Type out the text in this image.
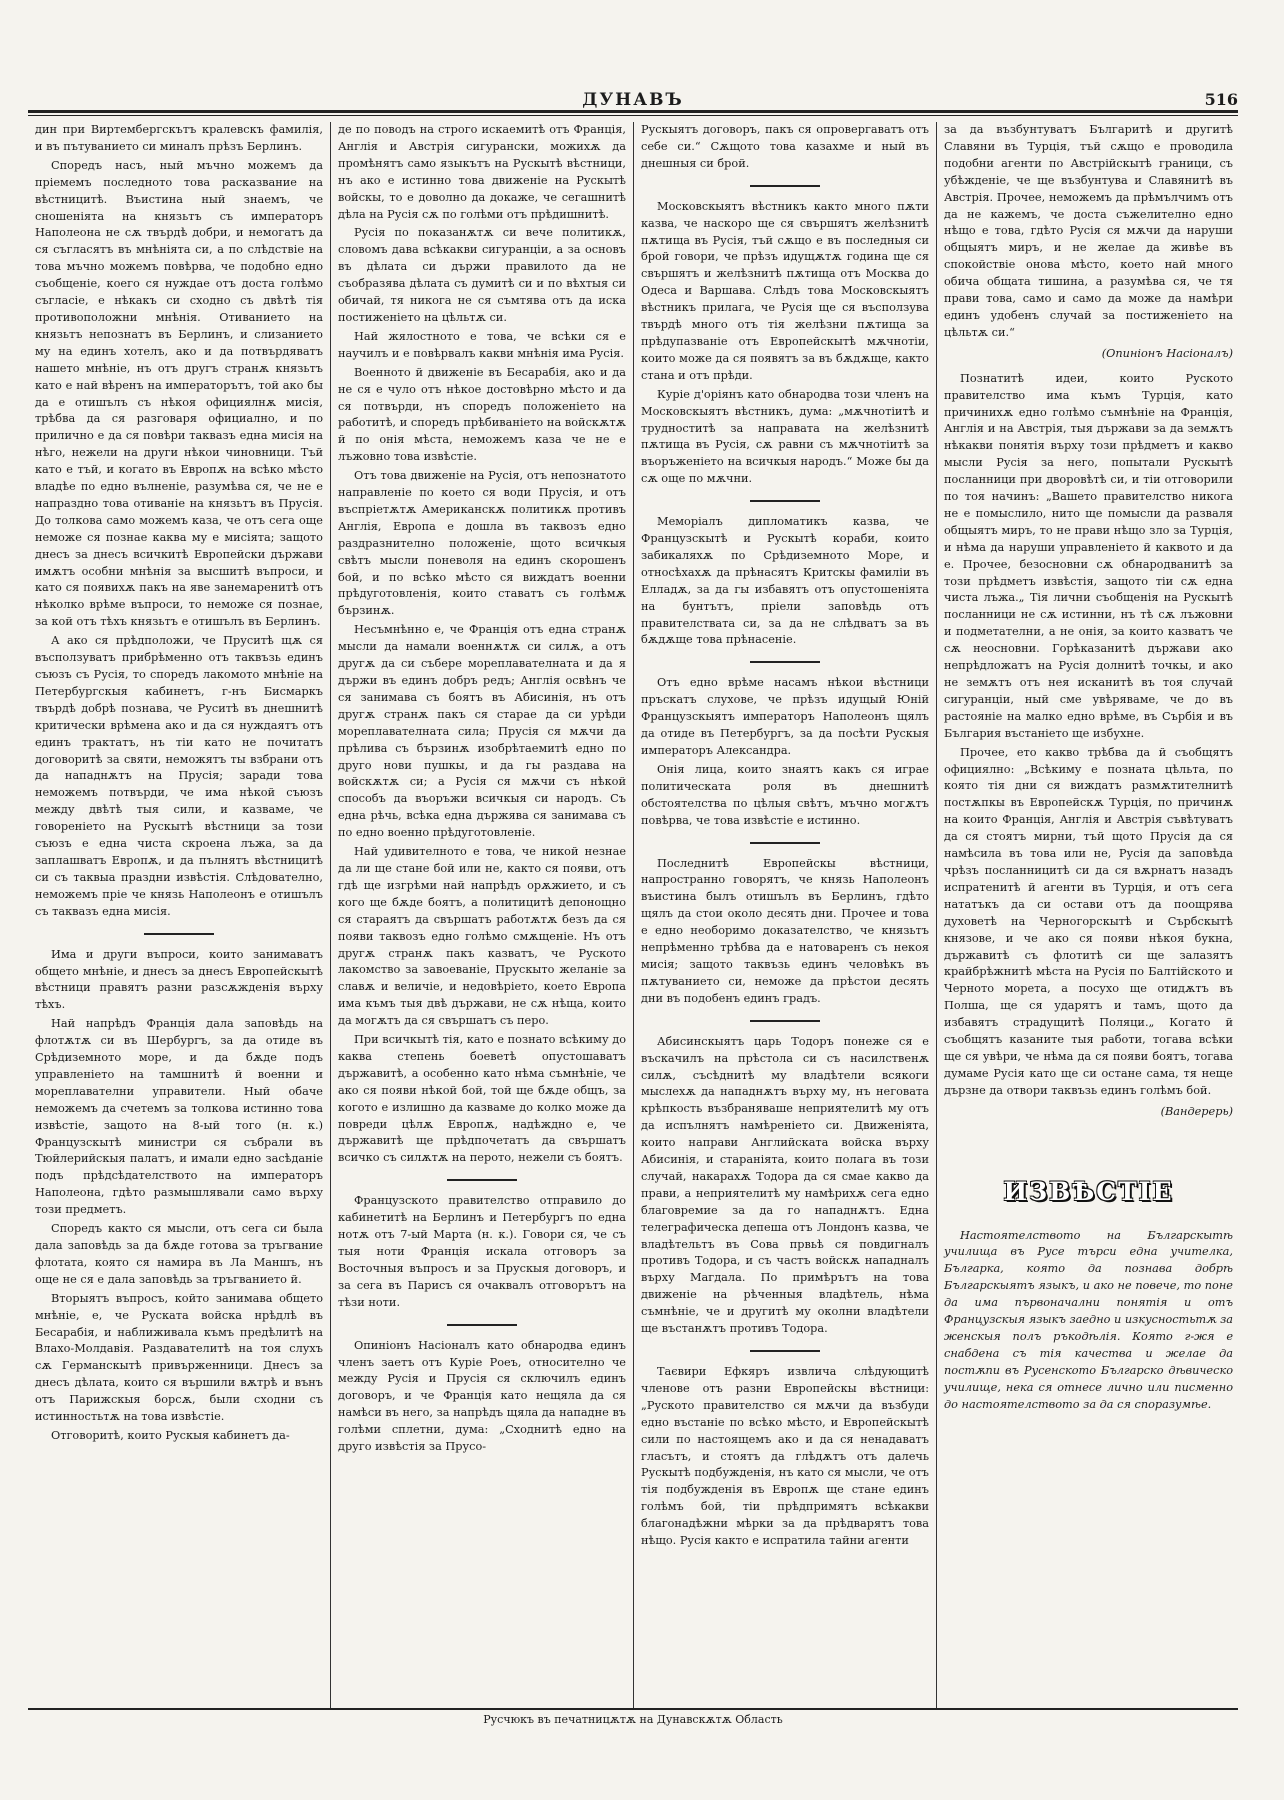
ДУНАВЪ	516

дин при Виртембергскътъ кралевскъ фамилія, и въ пътуванието си миналъ прѣзъ Берлинъ.

Споредъ насъ, ный мъчно можемъ да пріемемъ последното това расказвание на вѣстницитѣ. Въистина ный знаемъ, че сношеніята на князьтъ съ императоръ Наполеона не сѫ твърдѣ добри, и немогатъ да ся съгласятъ въ мнѣніята си, а по слѣдствіе на това мъчно можемъ повѣрва, че подобно едно съобщеніе, коего ся нуждае отъ доста голѣмо съгласіе, е нѣкакъ си сходно съ двѣтѣ тія противоположни мнѣнія. Отиванието на князьтъ непознатъ въ Берлинъ, и слизанието му на единъ хотелъ, ако и да потвърдяватъ нашето мнѣніе, нъ отъ другъ странѫ князьтъ като е най вѣренъ на императорътъ, той ако бы да е отишълъ съ нѣкоя официялнѫ мисія, трѣбва да ся разговаря официално, и по прилично е да ся повѣри таквазъ една мисія на нѣго, нежели на други нѣкои чиновници. Тъй като е тъй, и когато въ Европѫ на всѣко мѣсто владѣе по едно вълненіе, разумѣва ся, че не е напраздно това отиваніе на князьтъ въ Прусія. До толкова само можемъ каза, че отъ сега още неможе ся познае каква му е мисіята; защото днесъ за днесъ всичкитѣ Европейски държави имѫтъ особни мнѣнія за высшитѣ въпроси, и като ся появихѫ пакъ на яве занемаренитѣ отъ нѣколко врѣме въпроси, то неможе ся познае, за кой отъ тѣхъ князьтъ е отишълъ въ Берлинъ.

А ако ся прѣдположи, че Пруситѣ щѫ ся въсползуватъ прибрѣменно отъ таквъзь единъ съюзъ съ Русія, то споредъ лакомото мнѣніе на Петербургскыя кабинетъ, г-нъ Бисмаркъ твърдѣ добрѣ познава, че Руситѣ въ днешнитѣ критически врѣмена ако и да ся нуждаятъ отъ единъ трактатъ, нъ тіи като не почитатъ договоритѣ за святи, неможятъ ты взбрани отъ да нападнѫтъ на Прусія; заради това неможемъ потвърди, че има нѣкой съюзъ между двѣтѣ тыя сили, и казваме, че говореніето на Рускытѣ вѣстници за този съюзъ е една чиста скроена лъжа, за да заплашватъ Европѫ, и да пълнятъ вѣстницитѣ си съ таквыа праздни извѣстія. Слѣдователно, неможемъ прiе че князь Наполеонъ е отишълъ съ таквазъ една мисія.

Има и други въпроси, които занимаватъ общето мнѣніе, и днесъ за днесъ Европейскытѣ вѣстници правятъ разни разсѫжденія върху тѣхъ.

Най напрѣдъ Франція дала заповѣдь на флотѫтѫ си въ Шербургъ, за да отиде въ Срѣдиземното море, и да бѫде подъ управленіето на тамшнитѣ й военни и мореплавателни управители. Ный обаче неможемъ да счетемъ за толкова истинно това извѣстіе, защото на 8-ый того (н. к.) Французскытѣ министри ся събрали въ Тюйлерийскыя палатъ, и имали едно засѣданіе подъ прѣдсѣдателството на императоръ Наполеона, гдѣто размышлявали само върху този предметъ.

Споредъ както ся мысли, отъ сега си была дала заповѣдь за да бѫде готова за тръгвание флотата, която ся намира въ Ла Маншъ, нъ още не ся е дала заповѣдь за тръгванието й.

Вторыятъ въпросъ, който занимава общето мнѣніе, е, че Руската войска нрѣдлѣ въ Бесарабія, и наближивала къмъ предѣлитѣ на Влахо-Молдавія. Раздавателитѣ на тоя слухъ сѫ Германскытѣ привърженници. Днесъ за днесъ дѣлата, които ся вършили вѫтрѣ и вънъ отъ Парижскыя борсѫ, были сходни съ истинностьтѫ на това извѣстіе.

Отговоритѣ, които Рускыя кабинетъ да-

де по поводъ на строго искаемитѣ отъ Франція, Англія и Австрія сигурански, можихѫ да промѣнятъ само языкътъ на Рускытѣ вѣстници, нъ ако е истинно това движеніе на Рускытѣ войскы, то е доволно да докаже, че сегашнитѣ дѣла на Русія сѫ по голѣми отъ прѣдишнитѣ.

Русія по показанѫтѫ си вече политикѫ, словомъ дава всѣкакви сигуранціи, а за основъ въ дѣлата си държи правилото да не съобразява дѣлата съ думитѣ си и по вѣхтыя си обичай, тя никога не ся съмтява отъ да иска постиженіето на цѣльтѫ си.

Най жялостното е това, че всѣки ся е научилъ и е повѣрвалъ какви мнѣнія има Русія.

Военното й движеніе въ Бесарабія, ако и да не ся е чуло отъ нѣкое достовѣрно мѣсто и да ся потвърди, нъ споредъ положеніето на работитѣ, и споредъ прѣбиваніето на войскѫтѫ й по онія мѣста, неможемъ каза че не е лъжовно това извѣстіе.

Отъ това движеніе на Русія, отъ непознатото направленіе по което ся води Прусія, и отъ въспріетѫтѫ Американскѫ политикѫ противъ Англія, Европа е дошла въ таквозъ едно раздразнително положеніе, щото всичкыя свѣтъ мысли поневоля на единъ скорошенъ бой, и по всѣко мѣсто ся виждатъ военни прѣдуготовленія, които ставатъ съ голѣмѫ бързинѫ.

Несъмнѣнно е, че Франція отъ една странѫ мысли да намали военнѫтѫ си силѫ, а отъ другѫ да си събере мореплавателната и да я държи въ единъ добръ редъ; Англія освѣнъ че ся занимава съ боятъ въ Абисинія, нъ отъ другѫ странѫ пакъ ся старае да си урѣди мореплавателната сила; Прусія ся мѫчи да прѣлива съ бързинѫ изобрѣтаемитѣ едно по друго нови пушкы, и да гы раздава на войскѫтѫ си; а Русія ся мѫчи съ нѣкой способъ да въоръжи всичкыя си народъ. Съ една рѣчь, всѣка една държява ся занимава съ по едно военно прѣдуготовленіе.

Най удивителното е това, че никой незнае да ли ще стане бой или не, както ся появи, отъ гдѣ ще изгрѣми най напрѣдъ орѫжието, и съ кого ще бѫде боятъ, а политицитѣ депонощно ся стараятъ да свършатъ работѫтѫ безъ да ся появи таквозъ едно голѣмо смѫщеніе. Нъ отъ другѫ странѫ пакъ казватъ, че Руското лакомство за завоеваніе, Прускыто желаніе за славѫ и величіе, и недовѣріето, което Европа има къмъ тыя двѣ държави, не сѫ нѣща, които да могѫтъ да ся свършатъ съ перо.

При всичкытѣ тія, като е познато всѣкиму до каква степень боеветѣ опустошаватъ държавитѣ, а особенно като нѣма съмнѣніе, че ако ся появи нѣкой бой, той ще бѫде общъ, за когото е излишно да казваме до колко може да повреди цѣлѫ Европѫ, надѣждно е, че държавитѣ ще прѣдпочетатъ да свършатъ всичко съ силѫтѫ на перото, нежели съ боятъ.

Французското правителство отправило до кабинетитѣ на Берлинъ и Петербургъ по една нотѫ отъ 7-ый Марта (н. к.). Говори ся, че съ тыя ноти Франція искала отговоръ за Восточныя въпросъ и за Прускыя договоръ, и за сега въ Парисъ ся очаквалъ отговорътъ на тѣзи ноти.

Опиніонъ Насіоналъ като обнародва единъ членъ заетъ отъ Куріе Роеъ, относително че между Русія и Прусія ся сключилъ единъ договоръ, и че Франція като нещяла да ся намѣси въ него, за напрѣдъ щяла да нападне въ голѣми сплетни, дума: „Сходнитѣ едно на друго извѣстія за Прусо-

Рускыятъ договоръ, пакъ ся опровергаватъ отъ себе си.“ Сѫщото това казахме и ный въ днешныя си брой.

Московскыятъ вѣстникъ както много пѫти казва, че наскоро ще ся свършятъ желѣзнитѣ пѫтища въ Русія, тъй сѫщо е въ последныя си брой говори, че прѣзъ идущѫтѫ година ще ся свършятъ и желѣзнитѣ пѫтища отъ Москва до Одеса и Варшава. Слѣдъ това Московскыятъ вѣстникъ прилага, че Русія ще ся въсползува твърдѣ много отъ тія желѣзни пѫтища за прѣдупазваніе отъ Европейскытѣ мѫчнотіи, които може да ся появятъ за въ бѫдѫще, както стана и отъ прѣди.

Куріе д'оріянъ като обнародва този членъ на Московскыятъ вѣстникъ, дума: „мѫчнотіитѣ и трудноститѣ за направата на желѣзнитѣ пѫтища въ Русія, сѫ равни съ мѫчнотіитѣ за въоръженіето на всичкыя народъ.“ Може бы да сѫ още по мѫчни.

Меморіалъ дипломатикъ казва, че Французскытѣ и Рускытѣ кораби, които забикаляхѫ по Срѣдиземното Море, и относѣхахѫ да прѣнасятъ Критскы фамиліи въ Елладѫ, за да гы избавятъ отъ опустошеніята на бунтътъ, прiели заповѣдь отъ правителствата си, за да не слѣдватъ за въ бѫдѫще това прѣнасеніе.

Отъ едно врѣме насамъ нѣкои вѣстници пръскатъ слухове, че прѣзъ идущый Юній Французскыятъ императоръ Наполеонъ щялъ да отиде въ Петербургъ, за да посѣти Рускыя императоръ Александра.

Онія лица, които знаятъ какъ ся играе политическата роля въ днешнитѣ обстоятелства по цѣлыя свѣтъ, мъчно могѫтъ повѣрва, че това извѣстіе е истинно.

Последнитѣ Европейскы вѣстници, напространно говорятъ, че князь Наполеонъ въистина былъ отишълъ въ Берлинъ, гдѣто щялъ да стои около десять дни. Прочее и това е едно необоримо доказателство, че князьтъ непрѣменно трѣбва да е натоваренъ съ некоя мисія; защото таквъзь единъ человѣкъ въ пѫтуванието си, неможе да прѣстои десять дни въ подобенъ единъ градъ.

Абисинскыятъ царь Тодоръ понеже ся е въскачилъ на прѣстола си съ насилственѫ силѫ, съсѣднитѣ му владѣтели всякоги мыслехѫ да нападнѫтъ върху му, нъ неговата крѣпкость възбраняваше неприятелитѣ му отъ да испълнятъ намѣреніето си. Движеніята, които направи Английската войска върху Абисинія, и стараніята, които полага въ този случай, накарахѫ Тодора да ся смае какво да прави, а неприятелитѣ му намѣрихѫ сега едно благовремие за да го нападнѫтъ. Една телеграфическа депеша отъ Лондонъ казва, че владѣтельтъ въ Сова првьѣ ся повдигналъ противъ Тодора, и съ частъ войскѫ нападналъ върху Магдала. По примѣрътъ на това движеніе на рѣченныя владѣтель, нѣма съмнѣніе, че и другитѣ му околни владѣтели ще въстанѫтъ противъ Тодора.

Таєвири Ефкяръ извлича слѣдующитѣ членове отъ разни Европейскы вѣстници: „Руското правителство ся мѫчи да възбуди едно въстаніе по всѣко мѣсто, и Европейскытѣ сили по настоящемъ ако и да ся ненадаватъ гласътъ, и стоятъ да глѣдѫтъ отъ далечь Рускытѣ подбужденія, нъ като ся мысли, че отъ тія подбужденія въ Европѫ ще стане единъ голѣмъ бой, тіи прѣдпримятъ всѣкакви благонадѣжни мѣрки за да прѣдварятъ това нѣщо. Русія както е испратила тайни агенти

за да възбунтуватъ Българитѣ и другитѣ Славяни въ Турція, тъй сѫщо е проводила подобни агенти по Австрійскытѣ граници, съ убѣжденіе, че ще възбунтува и Славянитѣ въ Австрія. Прочее, неможемъ да прѣмълчимъ отъ да не кажемъ, че доста съжелително едно нѣщо е това, гдѣто Русія ся мѫчи да наруши общыятъ миръ, и не желае да живѣе въ спокойствіе онова мѣсто, което най много обича общата тишина, а разумѣва ся, че тя прави това, само и само да може да намѣри единъ удобенъ случай за постиженіето на цѣльтѫ си.“

(Опиніонъ Насіоналъ)

Познатитѣ идеи, които Руското правителство има къмъ Турція, като причинихѫ едно голѣмо съмнѣніе на Франція, Англія и на Австрія, тыя държави за да земѫтъ нѣкакви понятія върху този прѣдметъ и какво мысли Русія за него, попытали Рускытѣ посланници при дворовѣтѣ си, и тіи отговорили по тоя начинъ: „Вашето правителство никога не е помыслило, нито ще помысли да разваля общыятъ миръ, то не прави нѣщо зло за Турція, и нѣма да наруши управленіето й каквото и да е. Прочее, безосновни сѫ обнародванитѣ за този прѣдметъ извѣстія, защото тіи сѫ една чиста лъжа.„ Тія лични съобщенія на Рускытѣ посланници не сѫ истинни, нъ тѣ сѫ лъжовни и подметателни, а не онія, за които казватъ че сѫ неосновни. Горѣказанитѣ държави ако непрѣдложатъ на Русія долнитѣ точкы, и ако не земѫтъ отъ нея исканитѣ въ тоя случай сигуранціи, ный сме увѣряваме, че до въ растояніе на малко едно врѣме, въ Сърбія и въ България въстаніето ще избухне.

Прочее, ето какво трѣбва да й съобщятъ официялно: „Всѣкиму е позната цѣльта, по която тія дни ся виждатъ размѫтителнитѣ постѫпкы въ Европейскѫ Турція, по причинѫ на които Франція, Англія и Австрія съвѣтуватъ да ся стоятъ мирни, тъй щото Прусія да ся намѣсила въ това или не, Русія да заповѣда чрѣзъ посланницитѣ си да ся вѫрнатъ назадъ испратенитѣ й агенти въ Турція, и отъ сега нататъкъ да си остави отъ да поощрява духоветѣ на Черногорскытѣ и Сърбскытѣ князове, и че ако ся появи нѣкоя букна, държавитѣ съ флотитѣ си ще залазятъ крайбрѣжнитѣ мѣста на Русія по Балтійското и Черното морета, а посухо ще отидѫтъ въ Полша, ще ся ударятъ и тамъ, щото да избавятъ страдущитѣ Поляци.„ Когато й съобщятъ казаните тыя работи, тогава всѣки ще ся увѣри, че нѣма да ся появи боятъ, тогава думаме Русія като ще си остане сама, тя неще дързне да отвори таквъзь единъ голѣмъ бой.

(Вандерерь)

ИЗВѢСТІЕ

Настоятелството на Българскытѣ училища въ Русе търси една учителка, Българка, която да познава добрѣ Българскыятъ языкъ, и ако не повече, то поне да има първоначални понятія и отъ Французскыя языкъ заедно и изкусностьтѫ за женскыя полъ ръкодѣлія. Която г-жя е снабдена съ тія качества и желае да постѫпи въ Русенското Българско дѣвическо училище, нека ся отнесе лично или писменно до настоятелството за да ся споразумѣе.

Русчюкъ въ печатницѫтѫ на Дунавскѫтѫ Область
